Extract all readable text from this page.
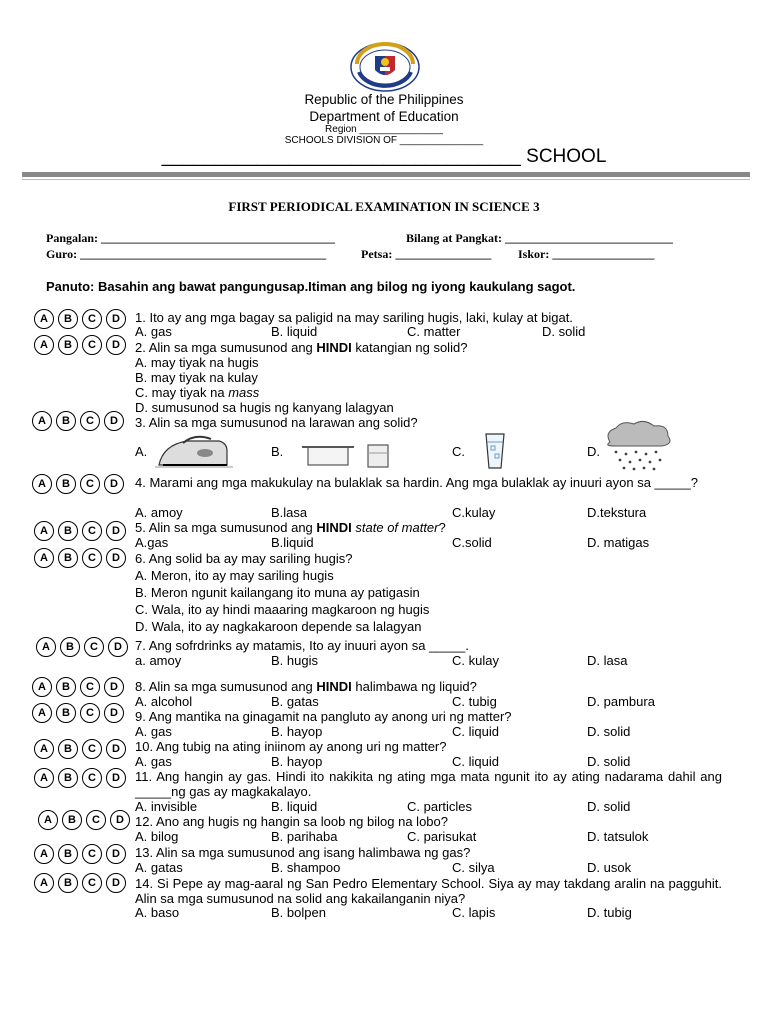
Republic of the Philippines
Department of Education
Region _______________
SCHOOLS DIVISION OF _______________
__________________________________ SCHOOL
FIRST PERIODICAL EXAMINATION IN SCIENCE 3
Pangalan: _______________________________________	Bilang at Pangkat: ____________________________
Guro: _________________________________________	Petsa: ________________ Iskor: _________________
Panuto: Basahin ang bawat pangungusap.Itiman ang bilog ng iyong kaukulang sagot.
A	B	C	D
A	B	C	D
A	B	C	D
A	B	C	D
A	B	C	D
A	B	C	D
A	B	C	D
A	B	C	D
A	B	C	D
A	B	C	D
A	B	C	D
A	B	C	D
A	B	C	D
A	B	C	D
1. Ito ay ang mga bagay sa paligid na may sariling hugis, laki, kulay at bigat.
A. gas	B. liquid	C. matter	D. solid
2. Alin sa mga sumusunod ang HINDI katangian ng solid?
A. may tiyak na hugis
B. may tiyak na kulay
C. may tiyak na mass
D. sumusunod sa hugis ng kanyang lalagyan
3. Alin sa mga sumusunod na larawan ang solid?
A.	B.	C.	D.
4. Marami ang mga makukulay na bulaklak sa hardin. Ang mga bulaklak ay inuuri ayon sa _____?
A. amoy	B.lasa	C.kulay	D.tekstura
5. Alin sa mga sumusunod ang HINDI state of matter?
A.gas	B.liquid	C.solid	D. matigas
6. Ang solid ba ay may sariling hugis?
A. Meron, ito ay may sariling hugis
B. Meron ngunit kailangang ito muna ay patigasin
C. Wala, ito ay hindi maaaring magkaroon ng hugis
D. Wala, ito ay nagkakaroon depende sa lalagyan
7. Ang sofrdrinks ay matamis, Ito ay inuuri ayon sa _____.
a. amoy	B. hugis	C. kulay	D. lasa
8. Alin sa mga sumusunod ang HINDI halimbawa ng liquid?
A. alcohol	B. gatas	C. tubig	D. pambura
9. Ang mantika na ginagamit na pangluto ay anong uri ng matter?
A. gas	B. hayop	C. liquid	D. solid
10. Ang tubig na ating iniinom ay anong uri ng matter?
A. gas	B. hayop	C. liquid	D. solid
11. Ang hangin ay gas. Hindi ito nakikita ng ating mga mata ngunit ito ay ating nadarama dahil ang _____ng gas ay magkakalayo.
A. invisible	B. liquid	C. particles	D. solid
12. Ano ang hugis ng hangin sa loob ng bilog na lobo?
A. bilog	B. parihaba	C. parisukat	D. tatsulok
13. Alin sa mga sumusunod ang isang halimbawa ng gas?
A. gatas	B. shampoo	C. silya	D. usok
14. Si Pepe ay mag-aaral ng San Pedro Elementary School. Siya ay may takdang aralin na pagguhit. Alin sa mga sumusunod na solid ang kakailanganin niya?
A. baso	B. bolpen	C. lapis	D. tubig
